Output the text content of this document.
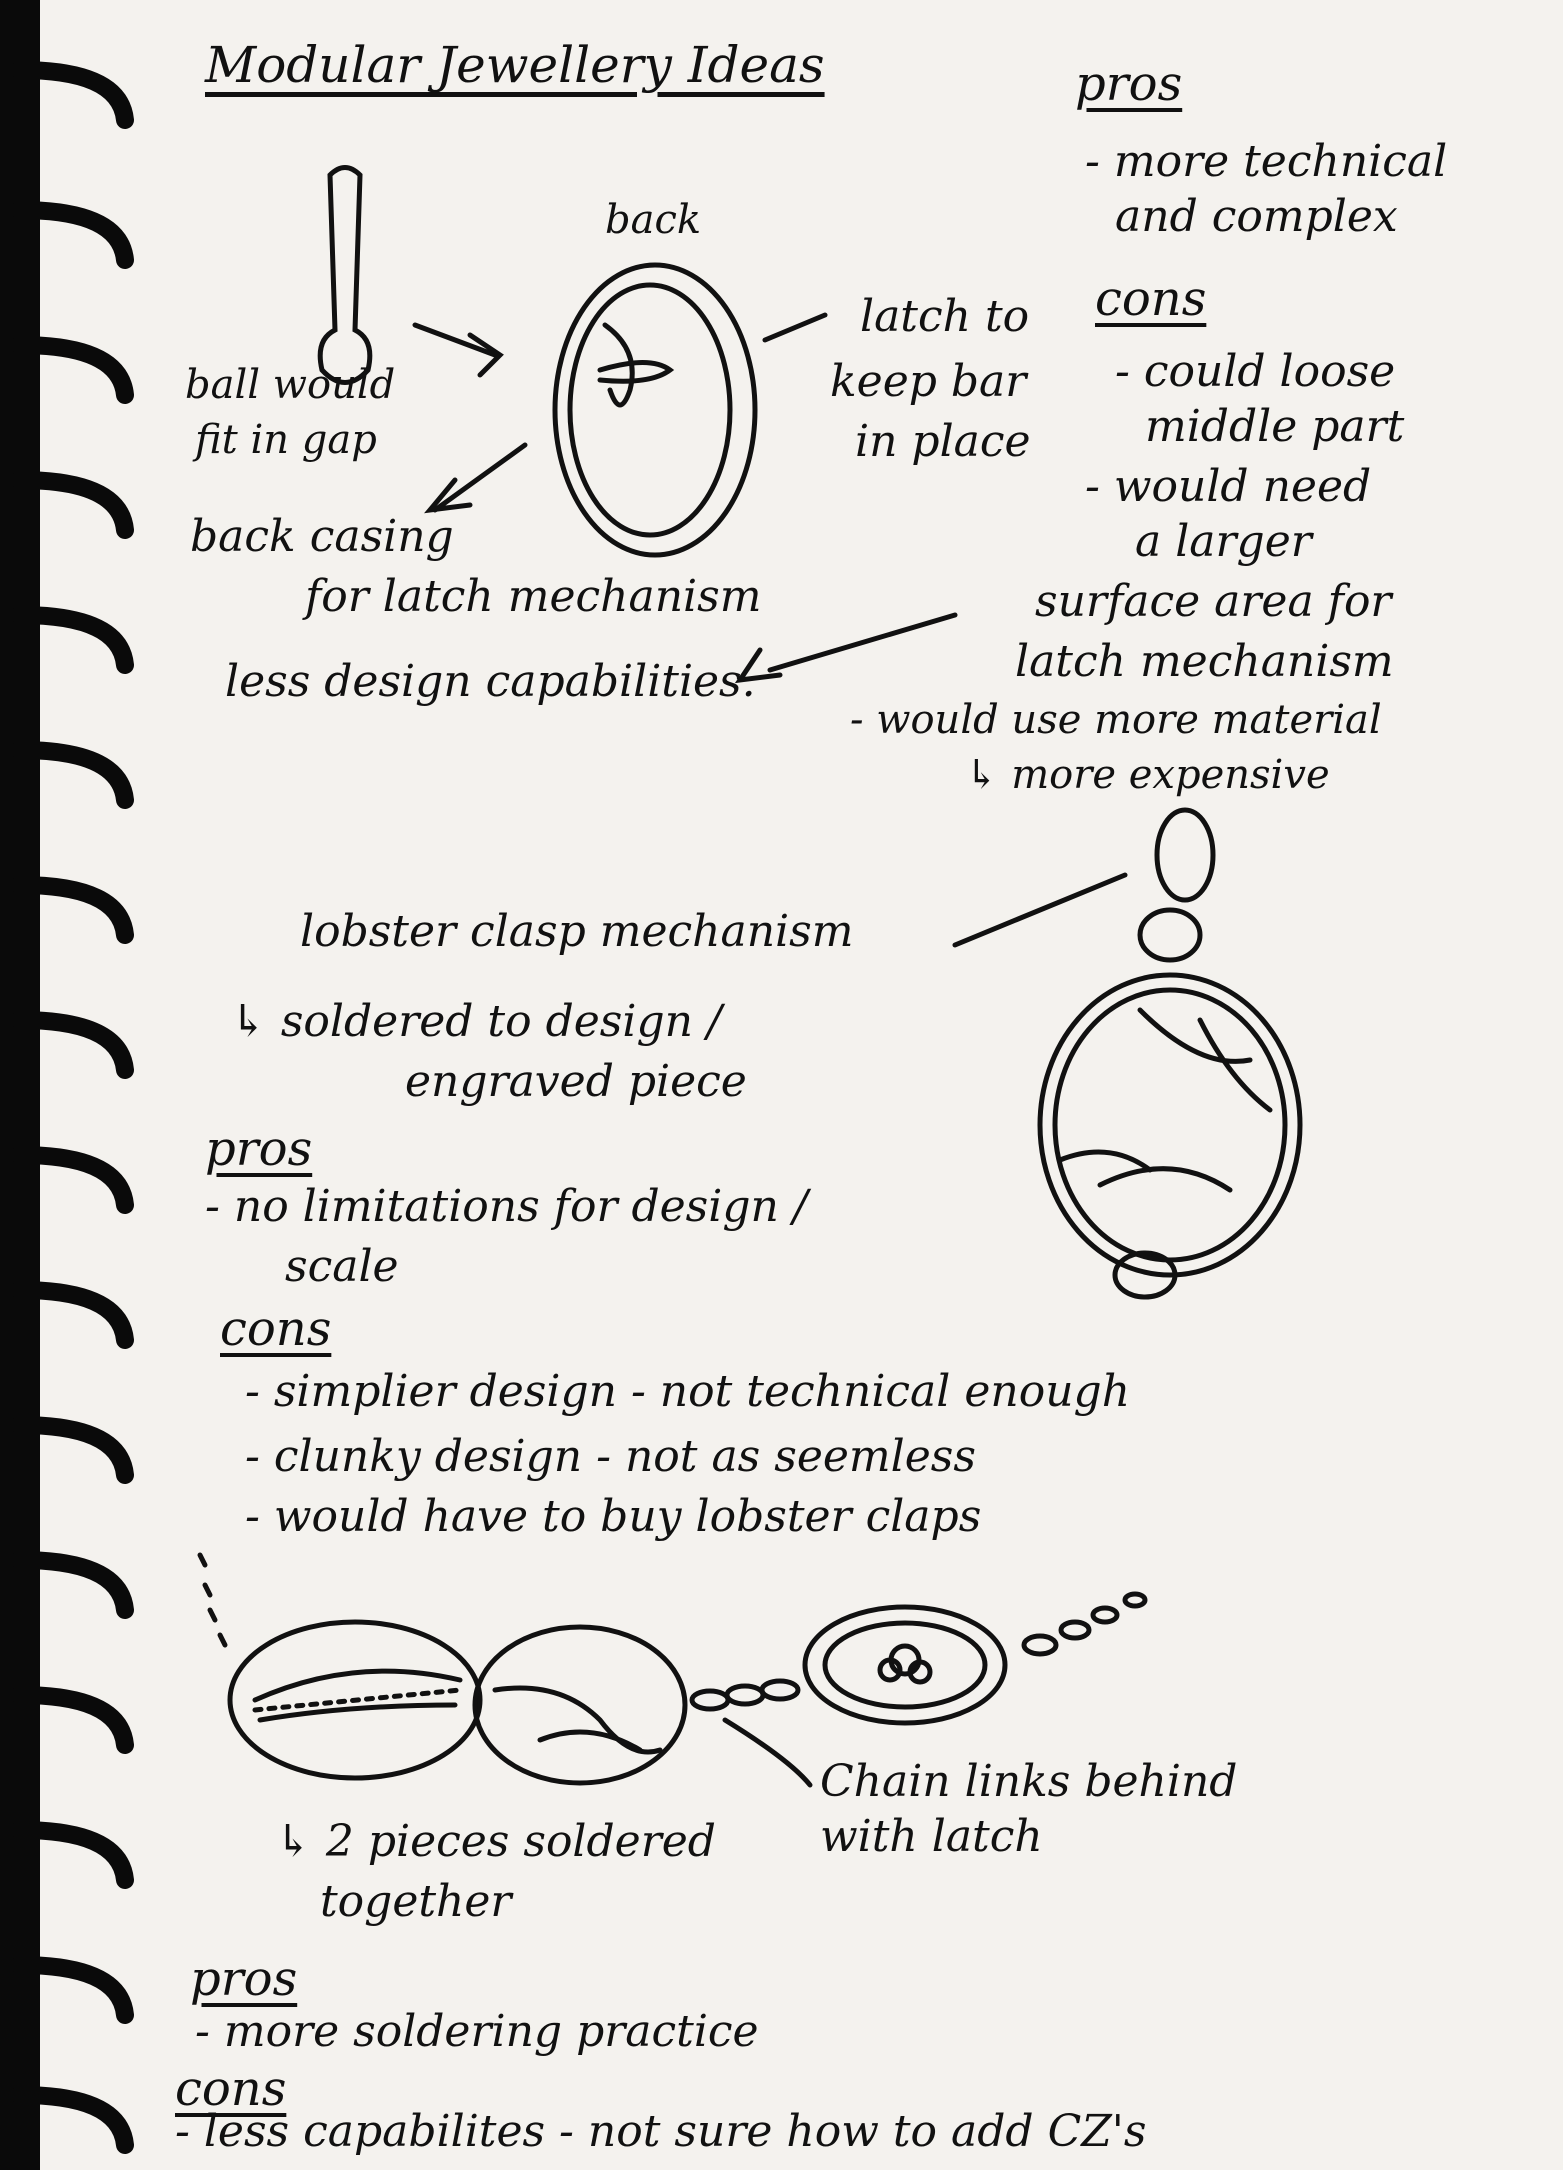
Modular Jewellery Ideas	pros
- more technical
and complex
cons
- could loose
middle part
- would need
a larger
surface area for
latch mechanism
- would use more material
↳ more expensive
back
ball would
fit in gap
latch to
keep bar
in place
back casing
for latch mechanism
less design capabilities.
lobster clasp mechanism
↳ soldered to design /
engraved piece
pros
- no limitations for design /
scale
cons
- simplier design - not technical enough
- clunky design - not as seemless
- would have to buy lobster claps
Chain links behind
with latch
↳ 2 pieces soldered
together
pros
- more soldering practice
cons
- less capabilites - not sure how to add CZ's
